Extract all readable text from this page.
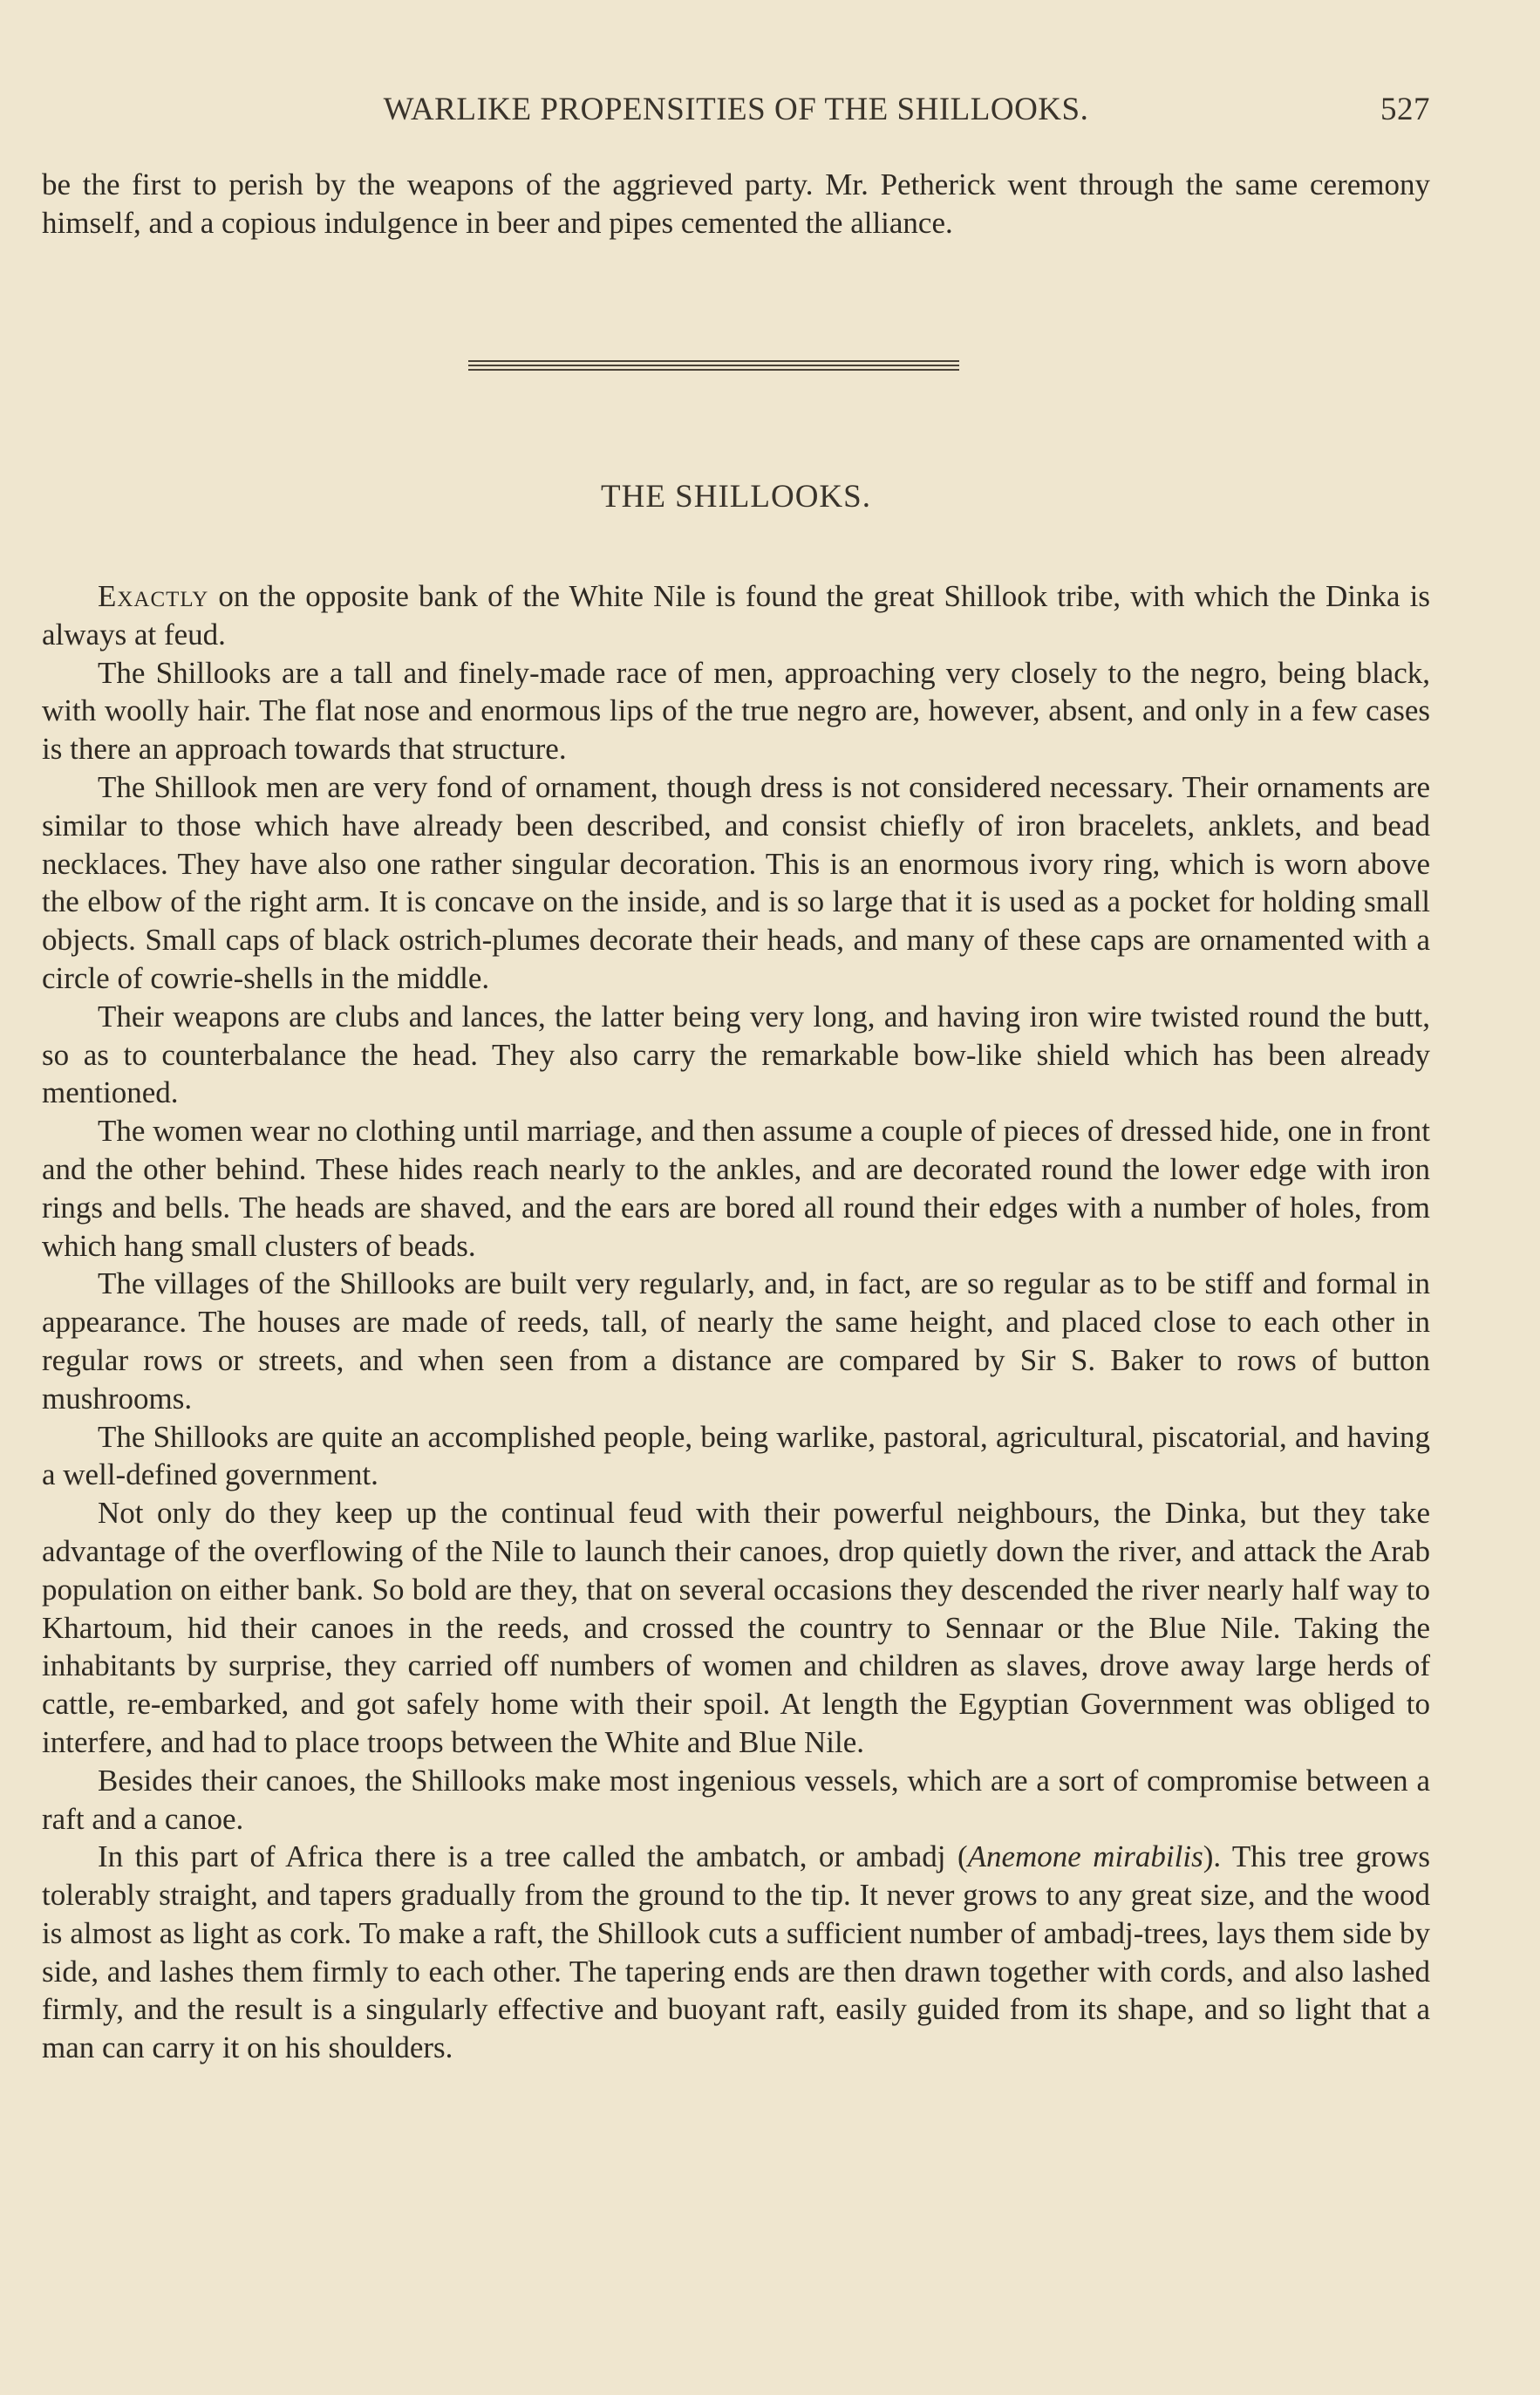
WARLIKE PROPENSITIES OF THE SHILLOOKS.	527

be the first to perish by the weapons of the aggrieved party. Mr. Petherick went through the same ceremony himself, and a copious indulgence in beer and pipes cemented the alliance.

THE SHILLOOKS.

Exactly on the opposite bank of the White Nile is found the great Shillook tribe, with which the Dinka is always at feud.

The Shillooks are a tall and finely-made race of men, approaching very closely to the negro, being black, with woolly hair. The flat nose and enormous lips of the true negro are, however, absent, and only in a few cases is there an approach towards that structure.

The Shillook men are very fond of ornament, though dress is not considered necessary. Their ornaments are similar to those which have already been described, and consist chiefly of iron bracelets, anklets, and bead necklaces. They have also one rather singular decoration. This is an enormous ivory ring, which is worn above the elbow of the right arm. It is concave on the inside, and is so large that it is used as a pocket for holding small objects. Small caps of black ostrich-plumes decorate their heads, and many of these caps are ornamented with a circle of cowrie-shells in the middle.

Their weapons are clubs and lances, the latter being very long, and having iron wire twisted round the butt, so as to counterbalance the head. They also carry the remarkable bow-like shield which has been already mentioned.

The women wear no clothing until marriage, and then assume a couple of pieces of dressed hide, one in front and the other behind. These hides reach nearly to the ankles, and are decorated round the lower edge with iron rings and bells. The heads are shaved, and the ears are bored all round their edges with a number of holes, from which hang small clusters of beads.

The villages of the Shillooks are built very regularly, and, in fact, are so regular as to be stiff and formal in appearance. The houses are made of reeds, tall, of nearly the same height, and placed close to each other in regular rows or streets, and when seen from a distance are compared by Sir S. Baker to rows of button mushrooms.

The Shillooks are quite an accomplished people, being warlike, pastoral, agricultural, piscatorial, and having a well-defined government.

Not only do they keep up the continual feud with their powerful neighbours, the Dinka, but they take advantage of the overflowing of the Nile to launch their canoes, drop quietly down the river, and attack the Arab population on either bank. So bold are they, that on several occasions they descended the river nearly half way to Khartoum, hid their canoes in the reeds, and crossed the country to Sennaar or the Blue Nile. Taking the inhabitants by surprise, they carried off numbers of women and children as slaves, drove away large herds of cattle, re-embarked, and got safely home with their spoil. At length the Egyptian Government was obliged to interfere, and had to place troops between the White and Blue Nile.

Besides their canoes, the Shillooks make most ingenious vessels, which are a sort of compromise between a raft and a canoe.

In this part of Africa there is a tree called the ambatch, or ambadj (Anemone mirabilis). This tree grows tolerably straight, and tapers gradually from the ground to the tip. It never grows to any great size, and the wood is almost as light as cork. To make a raft, the Shillook cuts a sufficient number of ambadj-trees, lays them side by side, and lashes them firmly to each other. The tapering ends are then drawn together with cords, and also lashed firmly, and the result is a singularly effective and buoyant raft, easily guided from its shape, and so light that a man can carry it on his shoulders.
